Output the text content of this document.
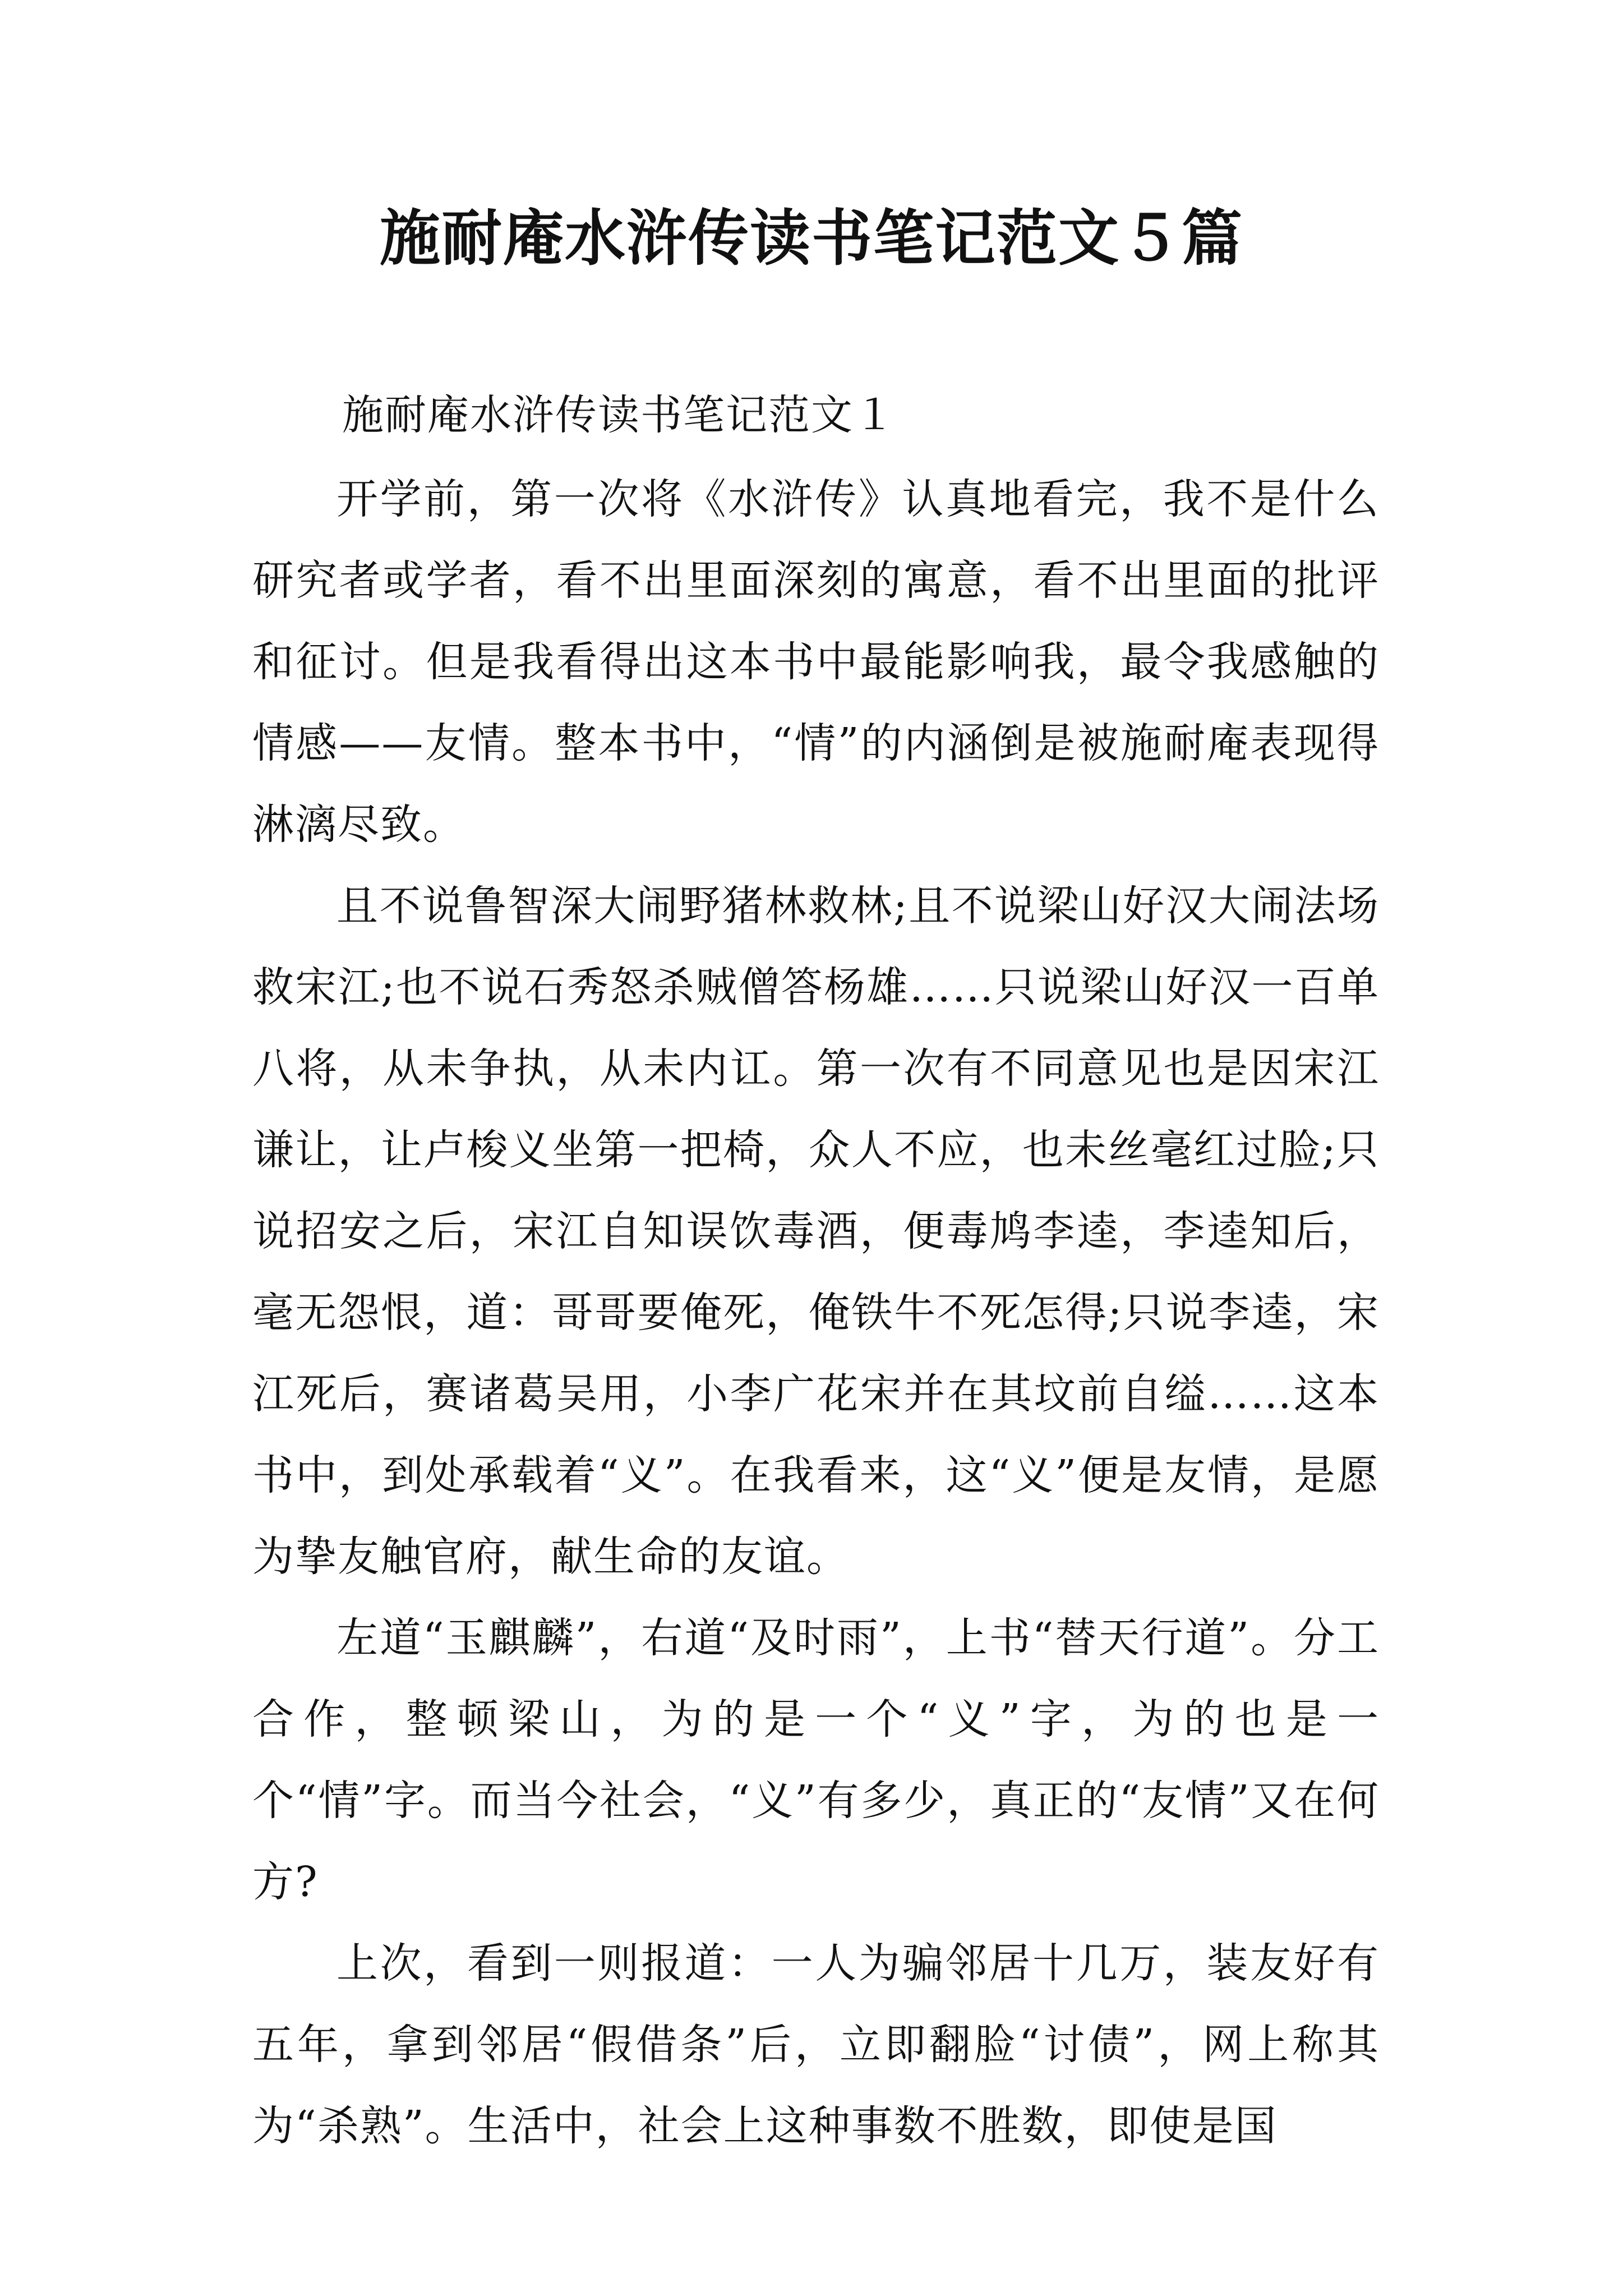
施耐庵水浒传读书笔记范文５篇
施耐庵水浒传读书笔记范文１

开学前，第一次将《水浒传》认真地看完，我不是什么研究者或学者，看不出里面深刻的寓意，看不出里面的批评和征讨。但是我看得出这本书中最能影响我，最令我感触的情感——友情。整本书中，“情”的内涵倒是被施耐庵表现得淋漓尽致。

且不说鲁智深大闹野猪林救林;且不说梁山好汉大闹法场救宋江;也不说石秀怒杀贼僧答杨雄……只说梁山好汉一百单八将，从未争执，从未内讧。第一次有不同意见也是因宋江谦让，让卢梭义坐第一把椅，众人不应，也未丝毫红过脸;只说招安之后，宋江自知误饮毒酒，便毒鸠李逵，李逵知后，毫无怨恨，道：哥哥要俺死，俺铁牛不死怎得;只说李逵，宋江死后，赛诸葛吴用，小李广花宋并在其坟前自缢……这本书中，到处承载着“义”。在我看来，这“义”便是友情，是愿为挚友触官府，献生命的友谊。

左道“玉麒麟”，右道“及时雨”，上书“替天行道”。分工合作，整顿梁山，为的是一个“义”字，为的也是一个“情”字。而当今社会，“义”有多少，真正的“友情”又在何方?

上次，看到一则报道：一人为骗邻居十几万，装友好有五年，拿到邻居“假借条”后，立即翻脸“讨债”，网上称其为“杀熟”。生活中，社会上这种事数不胜数，即使是国
